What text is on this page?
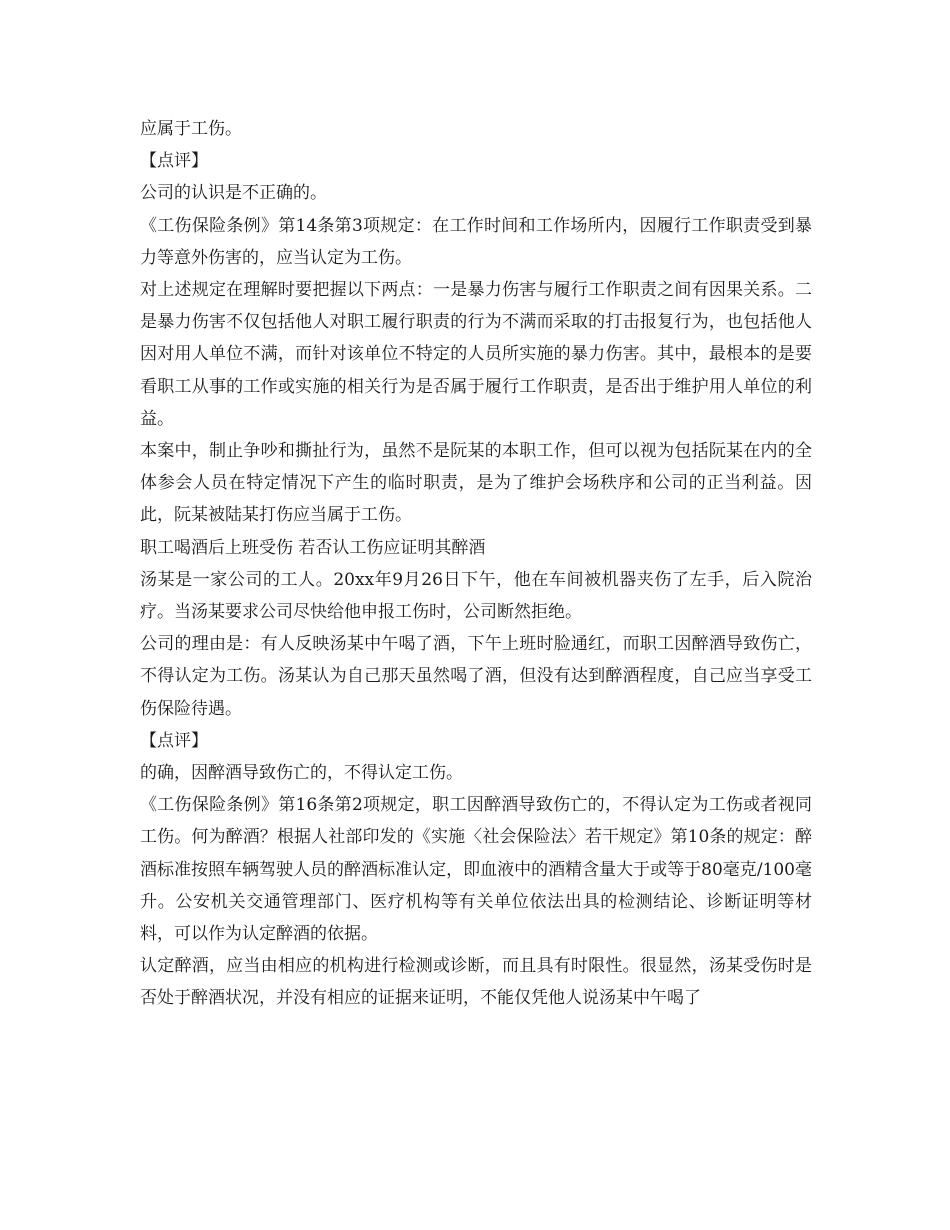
应属于工伤。

【点评】

公司的认识是不正确的。

《工伤保险条例》第14条第3项规定：在工作时间和工作场所内，因履行工作职责受到暴力等意外伤害的，应当认定为工伤。

对上述规定在理解时要把握以下两点：一是暴力伤害与履行工作职责之间有因果关系。二是暴力伤害不仅包括他人对职工履行职责的行为不满而采取的打击报复行为，也包括他人因对用人单位不满，而针对该单位不特定的人员所实施的暴力伤害。其中，最根本的是要看职工从事的工作或实施的相关行为是否属于履行工作职责，是否出于维护用人单位的利益。

本案中，制止争吵和撕扯行为，虽然不是阮某的本职工作，但可以视为包括阮某在内的全体参会人员在特定情况下产生的临时职责，是为了维护会场秩序和公司的正当利益。因此，阮某被陆某打伤应当属于工伤。

职工喝酒后上班受伤 若否认工伤应证明其醉酒

汤某是一家公司的工人。20xx年9月26日下午，他在车间被机器夹伤了左手，后入院治疗。当汤某要求公司尽快给他申报工伤时，公司断然拒绝。

公司的理由是：有人反映汤某中午喝了酒，下午上班时脸通红，而职工因醉酒导致伤亡，不得认定为工伤。汤某认为自己那天虽然喝了酒，但没有达到醉酒程度，自己应当享受工伤保险待遇。

【点评】

的确，因醉酒导致伤亡的，不得认定工伤。

《工伤保险条例》第16条第2项规定，职工因醉酒导致伤亡的，不得认定为工伤或者视同工伤。何为醉酒？根据人社部印发的《实施〈社会保险法〉若干规定》第10条的规定：醉酒标准按照车辆驾驶人员的醉酒标准认定，即血液中的酒精含量大于或等于80毫克/100毫升。公安机关交通管理部门、医疗机构等有关单位依法出具的检测结论、诊断证明等材料，可以作为认定醉酒的依据。

认定醉酒，应当由相应的机构进行检测或诊断，而且具有时限性。很显然，汤某受伤时是否处于醉酒状况，并没有相应的证据来证明，不能仅凭他人说汤某中午喝了
